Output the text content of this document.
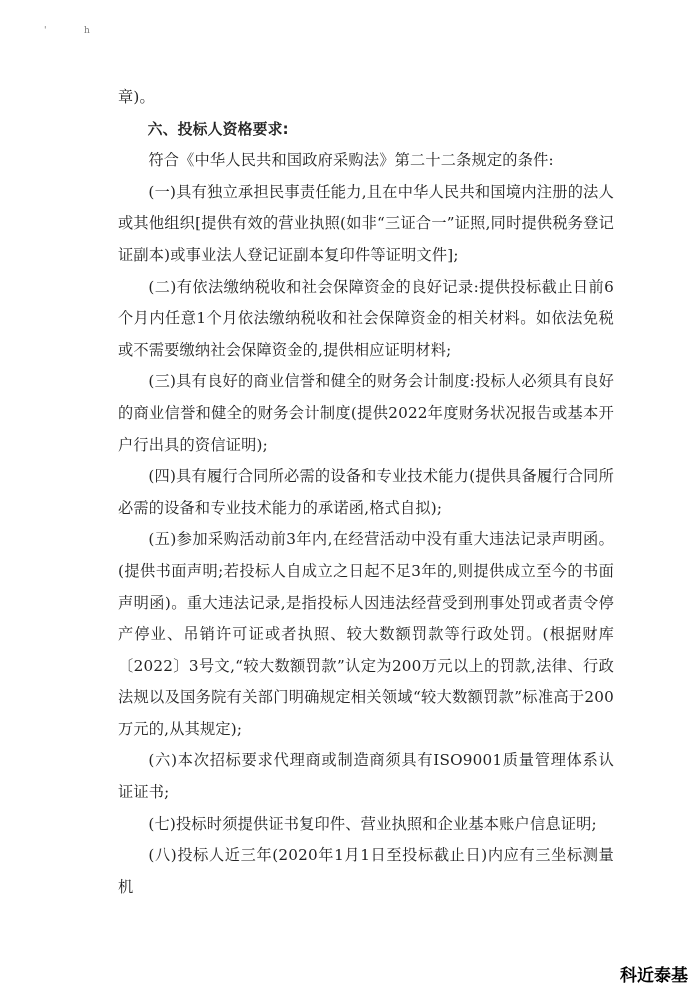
'	h

章)。

六、投标人资格要求:

符合《中华人民共和国政府采购法》第二十二条规定的条件:

(一)具有独立承担民事责任能力,且在中华人民共和国境内注册的法人或其他组织[提供有效的营业执照(如非“三证合一”证照,同时提供税务登记证副本)或事业法人登记证副本复印件等证明文件];

(二)有依法缴纳税收和社会保障资金的良好记录:提供投标截止日前6个月内任意1个月依法缴纳税收和社会保障资金的相关材料。如依法免税或不需要缴纳社会保障资金的,提供相应证明材料;

(三)具有良好的商业信誉和健全的财务会计制度:投标人必须具有良好的商业信誉和健全的财务会计制度(提供2022年度财务状况报告或基本开户行出具的资信证明);

(四)具有履行合同所必需的设备和专业技术能力(提供具备履行合同所必需的设备和专业技术能力的承诺函,格式自拟);

(五)参加采购活动前3年内,在经营活动中没有重大违法记录声明函。(提供书面声明;若投标人自成立之日起不足3年的,则提供成立至今的书面声明函)。重大违法记录,是指投标人因违法经营受到刑事处罚或者责令停产停业、吊销许可证或者执照、较大数额罚款等行政处罚。(根据财库〔2022〕3号文,“较大数额罚款”认定为200万元以上的罚款,法律、行政法规以及国务院有关部门明确规定相关领域“较大数额罚款”标准高于200万元的,从其规定);

(六)本次招标要求代理商或制造商须具有ISO9001质量管理体系认证证书;

(七)投标时须提供证书复印件、营业执照和企业基本账户信息证明;

(八)投标人近三年(2020年1月1日至投标截止日)内应有三坐标测量机

科近泰基
